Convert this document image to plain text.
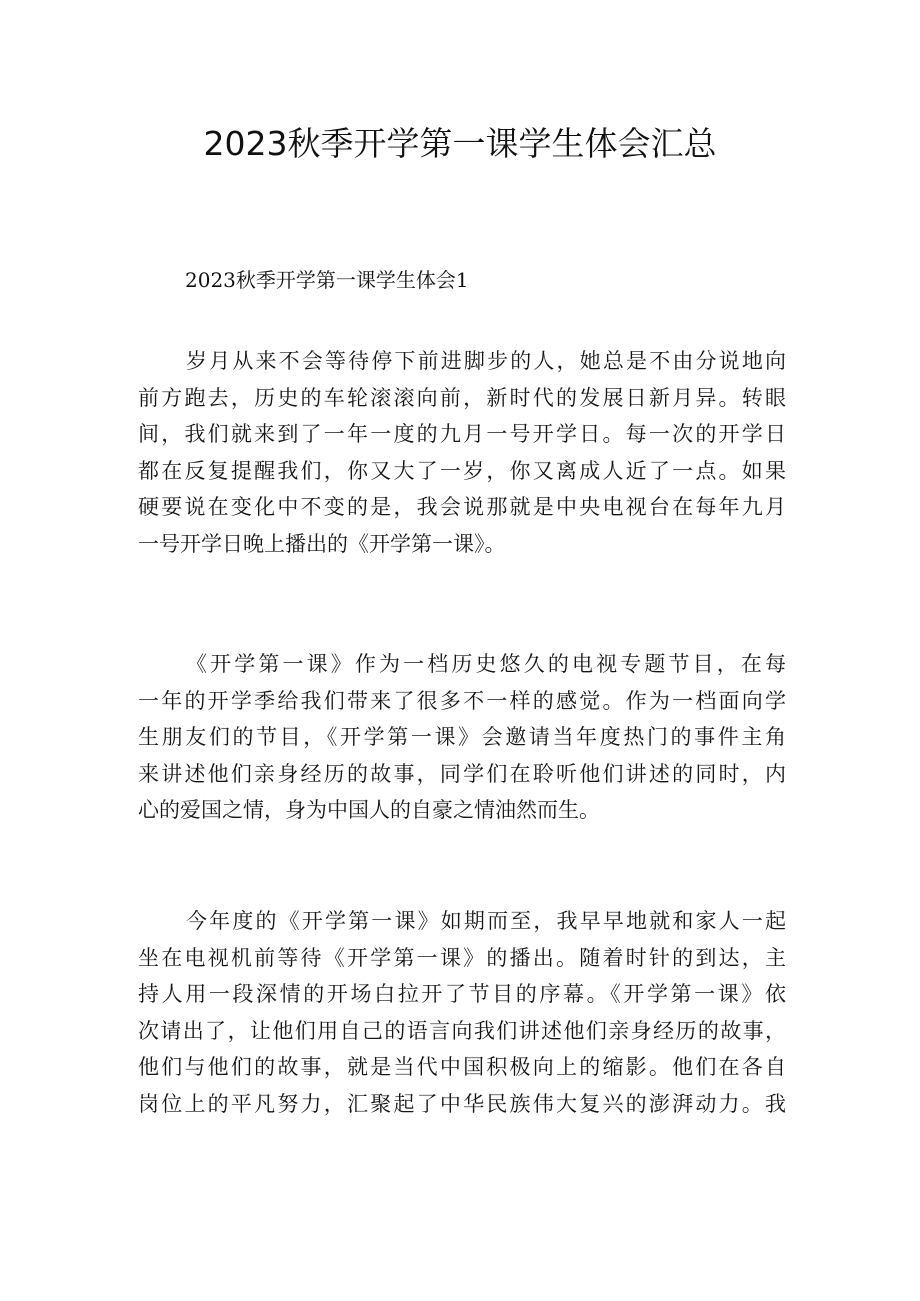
2023秋季开学第一课学生体会汇总
2023秋季开学第一课学生体会1
岁月从来不会等待停下前进脚步的人，她总是不由分说地向
前方跑去，历史的车轮滚滚向前，新时代的发展日新月异。转眼
间，我们就来到了一年一度的九月一号开学日。每一次的开学日
都在反复提醒我们，你又大了一岁，你又离成人近了一点。如果
硬要说在变化中不变的是，我会说那就是中央电视台在每年九月
一号开学日晚上播出的《开学第一课》。
《开学第一课》作为一档历史悠久的电视专题节目，在每
一年的开学季给我们带来了很多不一样的感觉。作为一档面向学
生朋友们的节目，《开学第一课》会邀请当年度热门的事件主角
来讲述他们亲身经历的故事，同学们在聆听他们讲述的同时，内
心的爱国之情，身为中国人的自豪之情油然而生。
今年度的《开学第一课》如期而至，我早早地就和家人一起
坐在电视机前等待《开学第一课》的播出。随着时针的到达，主
持人用一段深情的开场白拉开了节目的序幕。《开学第一课》依
次请出了，让他们用自己的语言向我们讲述他们亲身经历的故事，
他们与他们的故事，就是当代中国积极向上的缩影。他们在各自
岗位上的平凡努力，汇聚起了中华民族伟大复兴的澎湃动力。我
